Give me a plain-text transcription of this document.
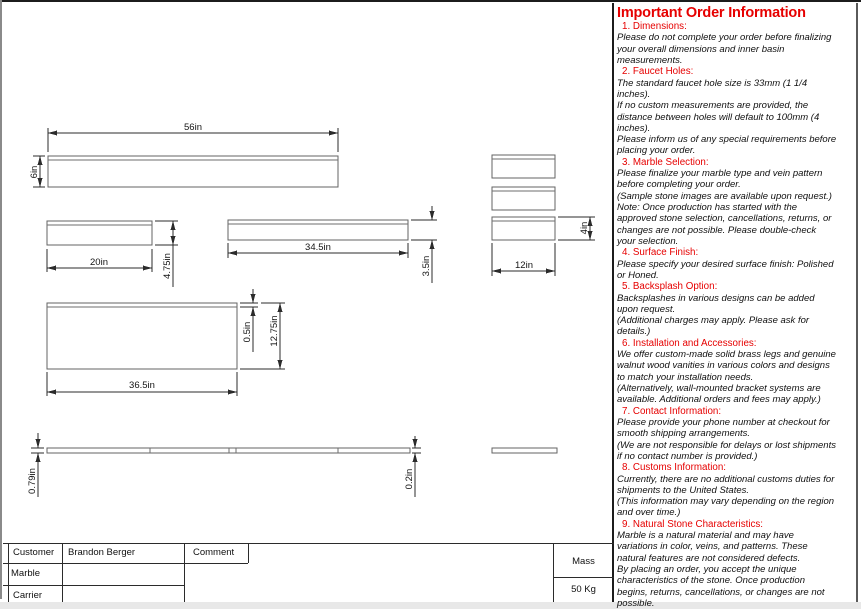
56in
6in
20in	4.75in
34.5in
3.5in
4in
12in
0.5in 12.75in
36.5in
0.79in	0.2in
Customer Brandon Berger	Comment
Marble
Carrier
Mass
50 Kg
Important Order Information
1. Dimensions:
Please do not complete your order before finalizing
your overall dimensions and inner basin
measurements.
2. Faucet Holes:
The standard faucet hole size is 33mm (1 1/4
inches).
If no custom measurements are provided, the
distance between holes will default to 100mm (4
inches).
Please inform us of any special requirements before
placing your order.
3. Marble Selection:
Please finalize your marble type and vein pattern
before completing your order.
(Sample stone images are available upon request.)
Note: Once production has started with the
approved stone selection, cancellations, returns, or
changes are not possible. Please double-check
your selection.
4. Surface Finish:
Please specify your desired surface finish: Polished
or Honed.
5. Backsplash Option:
Backsplashes in various designs can be added
upon request.
(Additional charges may apply. Please ask for
details.)
6. Installation and Accessories:
We offer custom-made solid brass legs and genuine
walnut wood vanities in various colors and designs
to match your installation needs.
(Alternatively, wall-mounted bracket systems are
available. Additional orders and fees may apply.)
7. Contact Information:
Please provide your phone number at checkout for
smooth shipping arrangements.
(We are not responsible for delays or lost shipments
if no contact number is provided.)
8. Customs Information:
Currently, there are no additional customs duties for
shipments to the United States.
(This information may vary depending on the region
and over time.)
9. Natural Stone Characteristics:
Marble is a natural material and may have
variations in color, veins, and patterns. These
natural features are not considered defects.
By placing an order, you accept the unique
characteristics of the stone. Once production
begins, returns, cancellations, or changes are not
possible.
